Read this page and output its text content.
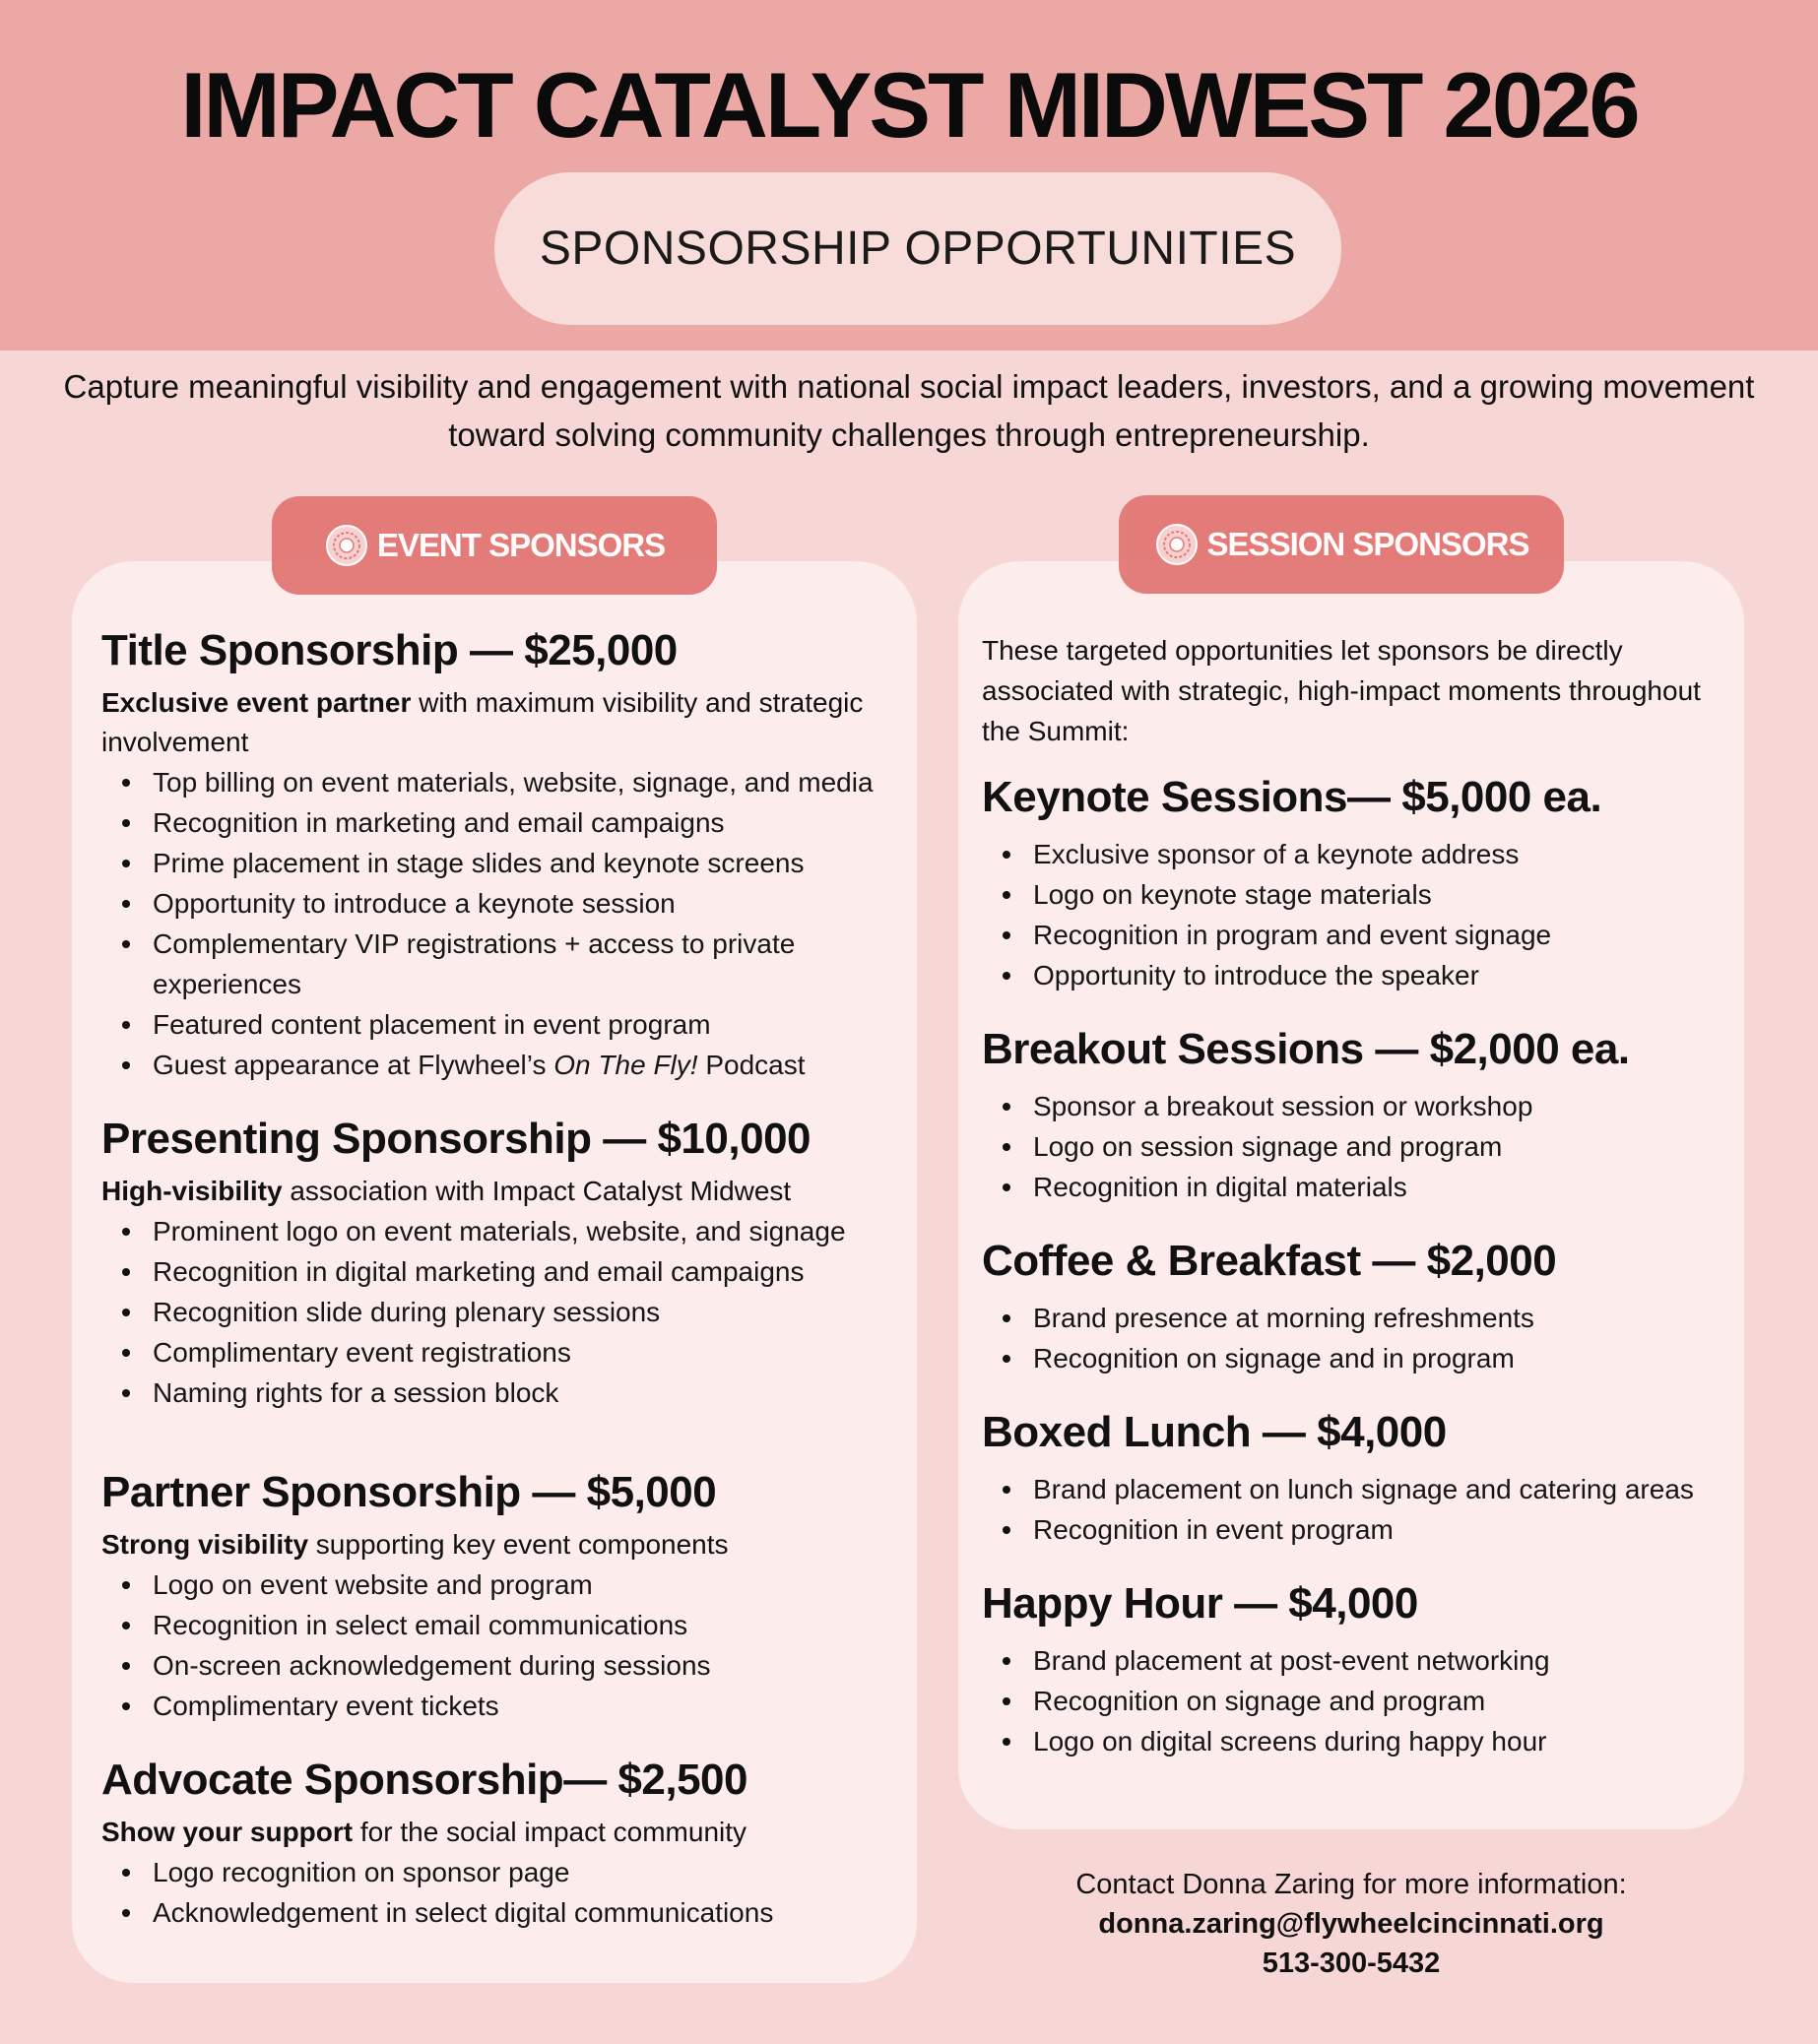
IMPACT CATALYST MIDWEST 2026
SPONSORSHIP OPPORTUNITIES
Capture meaningful visibility and engagement with national social impact leaders, investors, and a growing movement toward solving community challenges through entrepreneurship.
EVENT SPONSORS
Title Sponsorship — $25,000

Exclusive event partner with maximum visibility and strategic involvement

Top billing on event materials, website, signage, and media
Recognition in marketing and email campaigns
Prime placement in stage slides and keynote screens
Opportunity to introduce a keynote session
Complementary VIP registrations + access to private experiences
Featured content placement in event program
Guest appearance at Flywheel’s On The Fly! Podcast
Presenting Sponsorship — $10,000

High-visibility association with Impact Catalyst Midwest

Prominent logo on event materials, website, and signage
Recognition in digital marketing and email campaigns
Recognition slide during plenary sessions
Complimentary event registrations
Naming rights for a session block
Partner Sponsorship — $5,000

Strong visibility supporting key event components

Logo on event website and program
Recognition in select email communications
On-screen acknowledgement during sessions
Complimentary event tickets
Advocate Sponsorship— $2,500

Show your support for the social impact community

Logo recognition on sponsor page
Acknowledgement in select digital communications
SESSION SPONSORS

These targeted opportunities let sponsors be directly associated with strategic, high-impact moments throughout the Summit:

Keynote Sessions— $5,000 ea.
Exclusive sponsor of a keynote address
Logo on keynote stage materials
Recognition in program and event signage
Opportunity to introduce the speaker
Breakout Sessions — $2,000 ea.
Sponsor a breakout session or workshop
Logo on session signage and program
Recognition in digital materials
Coffee & Breakfast — $2,000
Brand presence at morning refreshments
Recognition on signage and in program
Boxed Lunch — $4,000
Brand placement on lunch signage and catering areas
Recognition in event program
Happy Hour — $4,000
Brand placement at post-event networking
Recognition on signage and program
Logo on digital screens during happy hour
Contact Donna Zaring for more information:
donna.zaring@flywheelcincinnati.org
513-300-5432
